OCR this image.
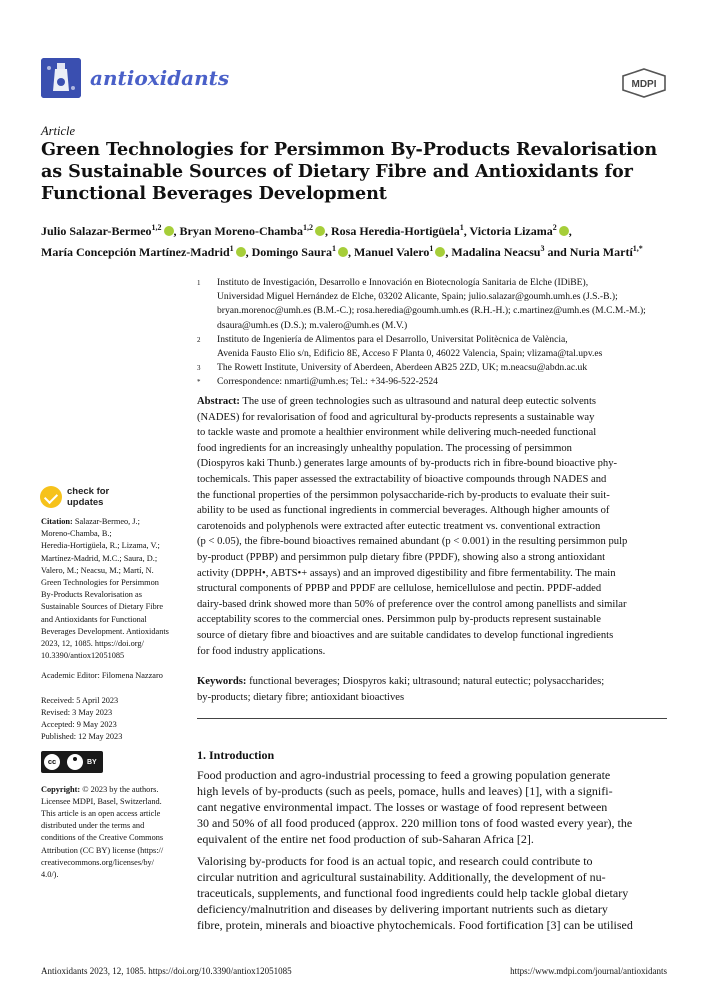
antioxidants	MDPI
Article
Green Technologies for Persimmon By-Products Revalorisation
as Sustainable Sources of Dietary Fibre and Antioxidants for
Functional Beverages Development
Julio Salazar-Bermeo$^{1,2}$ , Bryan Moreno-Chamba$^{1,2}$ , Rosa Heredia-Hortigüela$^1$, Victoria Lizama$^2$ ,
María Concepción Martínez-Madrid$^1$ , Domingo Saura$^1$ , Manuel Valero$^1$ , Madalina Neacsu$^3$ and Nuria Martí$^{1,*}$
1 Instituto de Investigación, Desarrollo e Innovación en Biotecnología Sanitaria de Elche (IDiBE),
Universidad Miguel Hernández de Elche, 03202 Alicante, Spain; julio.salazar@goumh.umh.es (J.S.-B.);
bryan.morenoc@umh.es (B.M.-C.); rosa.heredia@goumh.umh.es (R.H.-H.); c.martinez@umh.es (M.C.M.-M.);
dsaura@umh.es (D.S.); m.valero@umh.es (M.V.)
2 Instituto de Ingeniería de Alimentos para el Desarrollo, Universitat Politècnica de València,
Avenida Fausto Elio s/n, Edificio 8E, Acceso F Planta 0, 46022 Valencia, Spain; vlizama@tal.upv.es
3 The Rowett Institute, University of Aberdeen, Aberdeen AB25 2ZD, UK; m.neacsu@abdn.ac.uk
* Correspondence: nmarti@umh.es; Tel.: +34-96-522-2524
Abstract: The use of green technologies such as ultrasound and natural deep eutectic solvents
(NADES) for revalorisation of food and agricultural by-products represents a sustainable way
to tackle waste and promote a healthier environment while delivering much-needed functional
food ingredients for an increasingly unhealthy population. The processing of persimmon
(Diospyros kaki Thunb.) generates large amounts of by-products rich in fibre-bound bioactive phy-
tochemicals. This paper assessed the extractability of bioactive compounds through NADES and
the functional properties of the persimmon polysaccharide-rich by-products to evaluate their suit-
ability to be used as functional ingredients in commercial beverages. Although higher amounts of
carotenoids and polyphenols were extracted after eutectic treatment vs. conventional extraction
(p < 0.05), the fibre-bound bioactives remained abundant (p < 0.001) in the resulting persimmon pulp
by-product (PPBP) and persimmon pulp dietary fibre (PPDF), showing also a strong antioxidant
activity (DPPH•, ABTS•+ assays) and an improved digestibility and fibre fermentability. The main
structural components of PPBP and PPDF are cellulose, hemicellulose and pectin. PPDF-added
dairy-based drink showed more than 50% of preference over the control among panellists and similar
acceptability scores to the commercial ones. Persimmon pulp by-products represent sustainable
source of dietary fibre and bioactives and are suitable candidates to develop functional ingredients
for food industry applications.
Keywords: functional beverages; Diospyros kaki; ultrasound; natural eutectic; polysaccharides;
by-products; dietary fibre; antioxidant bioactives
1. Introduction
Food production and agro-industrial processing to feed a growing population generate
high levels of by-products (such as peels, pomace, hulls and leaves) [1], with a signifi-
cant negative environmental impact. The losses or wastage of food represent between
30 and 50% of all food produced (approx. 220 million tons of food wasted every year), the
equivalent of the entire net food production of sub-Saharan Africa [2].
Valorising by-products for food is an actual topic, and research could contribute to
circular nutrition and agricultural sustainability. Additionally, the development of nu-
traceuticals, supplements, and functional food ingredients could help tackle global dietary
deficiency/malnutrition and diseases by delivering important nutrients such as dietary
fibre, protein, minerals and bioactive phytochemicals. Food fortification [3] can be utilised
check for
updates
Citation: Salazar-Bermeo, J.;
Moreno-Chamba, B.;
Heredia-Hortigüela, R.; Lizama, V.;
Martínez-Madrid, M.C.; Saura, D.;
Valero, M.; Neacsu, M.; Martí, N.
Green Technologies for Persimmon
By-Products Revalorisation as
Sustainable Sources of Dietary Fibre
and Antioxidants for Functional
Beverages Development. Antioxidants
2023, 12, 1085. https://doi.org/
10.3390/antiox12051085
Academic Editor: Filomena Nazzaro
Received: 5 April 2023
Revised: 3 May 2023
Accepted: 9 May 2023
Published: 12 May 2023
cc	BY
Copyright: © 2023 by the authors.
Licensee MDPI, Basel, Switzerland.
This article is an open access article
distributed under the terms and
conditions of the Creative Commons
Attribution (CC BY) license (https://
creativecommons.org/licenses/by/
4.0/).
Antioxidants 2023, 12, 1085. https://doi.org/10.3390/antiox12051085	https://www.mdpi.com/journal/antioxidants
